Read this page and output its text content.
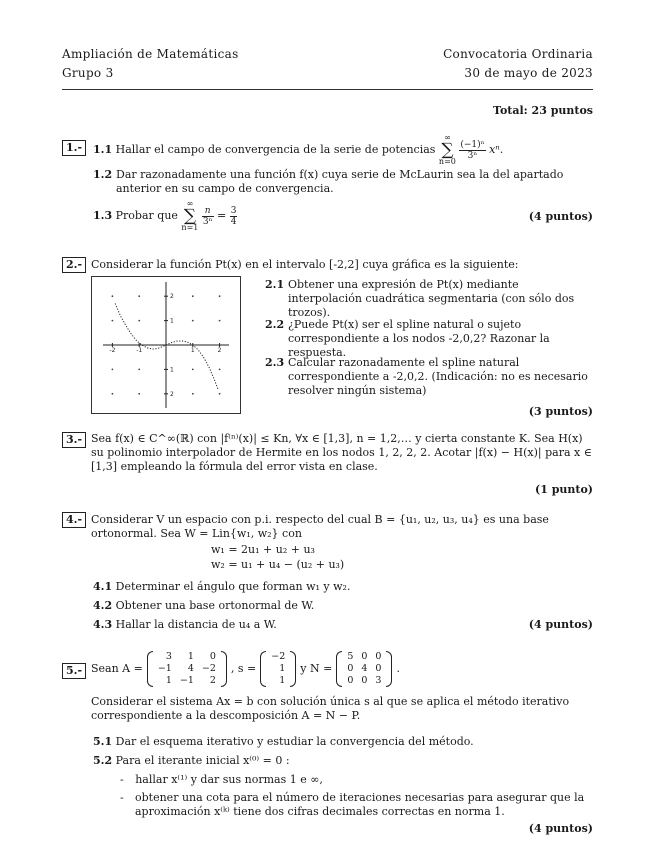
Ampliación de Matemáticas
Grupo 3
Convocatoria Ordinaria
30 de mayo de 2023
Total: 23 puntos
1.- 1.1 Hallar el campo de convergencia de la serie de potencias ∞
∑
n=0
$\frac{\text{(−1)ⁿ}}{\text{3ⁿ}} x^n$.
1.2 Dar razonadamente una función f(x) cuya serie de McLaurin sea la del apartado anterior en su campo de convergencia.
1.3 Probar que ∞
∑
n=1
$\frac{n}{\text{3ⁿ}} = \frac{3}{4}$	(4 puntos)
2.- Considerar la función Pt(x) en el intervalo [-2,2] cuya gráfica es la siguiente:
-2	-1	1	2
2
1
1
2
2.1 Obtener una expresión de Pt(x) mediante interpolación cuadrática segmentaria (con sólo dos trozos).
2.2 ¿Puede Pt(x) ser el spline natural o sujeto correspondiente a los nodos -2,0,2? Razonar la respuesta.
2.3 Calcular razonadamente el spline natural correspondiente a -2,0,2. (Indicación: no es necesario resolver ningún sistema)
(3 puntos)
3.- Sea f(x) ∈ C^∞(ℝ) con |f⁽ⁿ⁾(x)| ≤ Kn, ∀x ∈ [1,3], n = 1,2,… y cierta constante K. Sea H(x) su polinomio interpolador de Hermite en los nodos 1, 2, 2, 2. Acotar |f(x) − H(x)| para x ∈ [1,3] empleando la fórmula del error vista en clase.
(1 punto)
4.- Considerar V un espacio con p.i. respecto del cual B = {u₁, u₂, u₃, u₄} es una base ortonormal. Sea W = Lin{w₁, w₂} con
w₁ = 2u₁ + u₂ + u₃
w₂ = u₁ + u₄ − (u₂ + u₃)
4.1 Determinar el ángulo que forman w₁ y w₂.
4.2 Obtener una base ortonormal de W.
4.3 Hallar la distancia de u₄ a W.	(4 puntos)
5.- Sean A =
3	1	0
−1	4	−2
1	−1	2
, s =
−2
1
1
y N =
5	0	0
0	4	0
0	0	3
.
Considerar el sistema Ax = b con solución única s al que se aplica el método iterativo correspondiente a la descomposición A = N − P.
5.1 Dar el esquema iterativo y estudiar la convergencia del método.
5.2 Para el iterante inicial x⁽⁰⁾ = 0 :
- hallar x⁽¹⁾ y dar sus normas 1 e ∞,
- obtener una cota para el número de iteraciones necesarias para asegurar que la aproximación x⁽ᵏ⁾ tiene dos cifras decimales correctas en norma 1.
(4 puntos)
